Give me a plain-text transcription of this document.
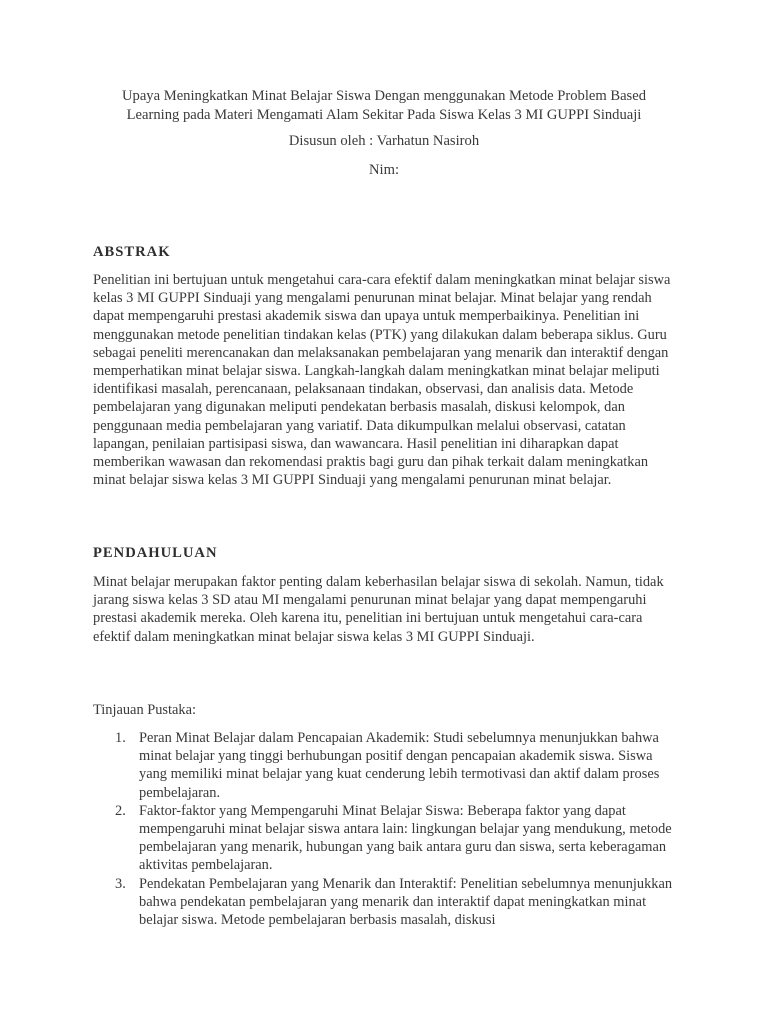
Upaya Meningkatkan Minat Belajar Siswa Dengan menggunakan Metode Problem Based
Learning pada Materi Mengamati Alam Sekitar Pada Siswa Kelas 3 MI GUPPI Sinduaji
Disusun oleh : Varhatun Nasiroh
Nim:
ABSTRAK

Penelitian ini bertujuan untuk mengetahui cara-cara efektif dalam meningkatkan minat belajar siswa kelas 3 MI GUPPI Sinduaji yang mengalami penurunan minat belajar. Minat belajar yang rendah dapat mempengaruhi prestasi akademik siswa dan upaya untuk memperbaikinya. Penelitian ini menggunakan metode penelitian tindakan kelas (PTK) yang dilakukan dalam beberapa siklus. Guru sebagai peneliti merencanakan dan melaksanakan pembelajaran yang menarik dan interaktif dengan memperhatikan minat belajar siswa. Langkah-langkah dalam meningkatkan minat belajar meliputi identifikasi masalah, perencanaan, pelaksanaan tindakan, observasi, dan analisis data. Metode pembelajaran yang digunakan meliputi pendekatan berbasis masalah, diskusi kelompok, dan penggunaan media pembelajaran yang variatif. Data dikumpulkan melalui observasi, catatan lapangan, penilaian partisipasi siswa, dan wawancara. Hasil penelitian ini diharapkan dapat memberikan wawasan dan rekomendasi praktis bagi guru dan pihak terkait dalam meningkatkan minat belajar siswa kelas 3 MI GUPPI Sinduaji yang mengalami penurunan minat belajar.

PENDAHULUAN

Minat belajar merupakan faktor penting dalam keberhasilan belajar siswa di sekolah. Namun, tidak jarang siswa kelas 3 SD atau MI mengalami penurunan minat belajar yang dapat mempengaruhi prestasi akademik mereka. Oleh karena itu, penelitian ini bertujuan untuk mengetahui cara-cara efektif dalam meningkatkan minat belajar siswa kelas 3 MI GUPPI Sinduaji.

Tinjauan Pustaka:

1. Peran Minat Belajar dalam Pencapaian Akademik: Studi sebelumnya menunjukkan bahwa minat belajar yang tinggi berhubungan positif dengan pencapaian akademik siswa. Siswa yang memiliki minat belajar yang kuat cenderung lebih termotivasi dan aktif dalam proses pembelajaran.
2. Faktor-faktor yang Mempengaruhi Minat Belajar Siswa: Beberapa faktor yang dapat mempengaruhi minat belajar siswa antara lain: lingkungan belajar yang mendukung, metode pembelajaran yang menarik, hubungan yang baik antara guru dan siswa, serta keberagaman aktivitas pembelajaran.
3. Pendekatan Pembelajaran yang Menarik dan Interaktif: Penelitian sebelumnya menunjukkan bahwa pendekatan pembelajaran yang menarik dan interaktif dapat meningkatkan minat belajar siswa. Metode pembelajaran berbasis masalah, diskusi
